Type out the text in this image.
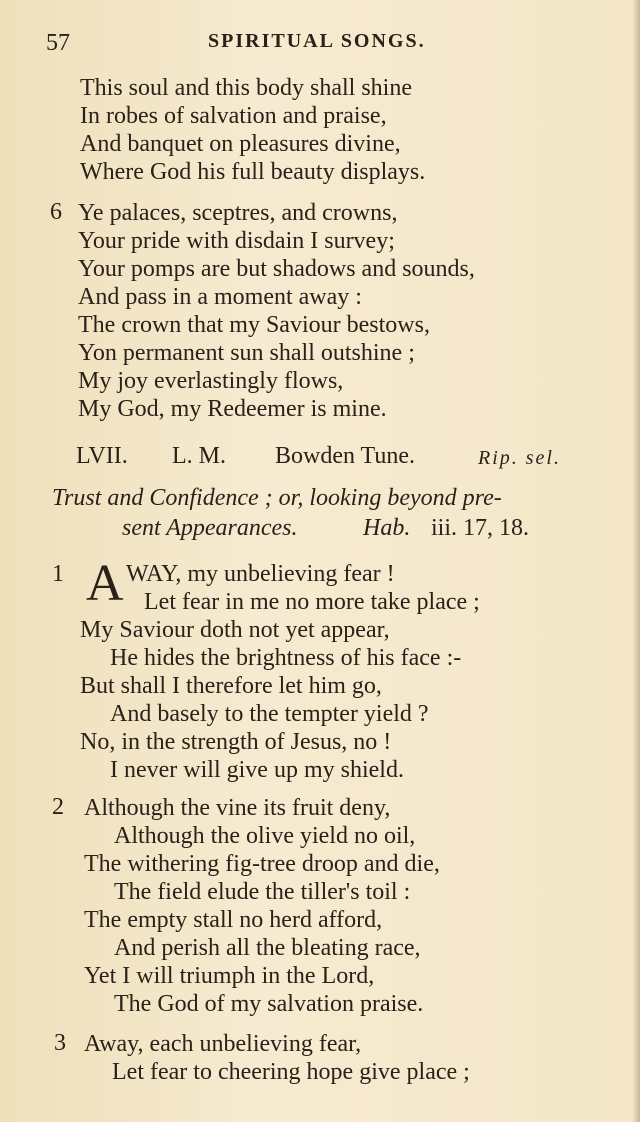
57	SPIRITUAL SONGS.
This soul and this body shall shine
In robes of salvation and praise,
And banquet on pleasures divine,
Where God his full beauty displays.
6 Ye palaces, sceptres, and crowns,
Your pride with disdain I survey;
Your pomps are but shadows and sounds,
And pass in a moment away :
The crown that my Saviour bestows,
Yon permanent sun shall outshine ;
My joy everlastingly flows,
My God, my Redeemer is mine.
LVII. L. M. Bowden Tune.	Rip. sel.
Trust and Confidence ; or, looking beyond pre-
sent Appearances.	Hab. iii. 17, 18.
1 A WAY, my unbelieving fear !
Let fear in me no more take place ;
My Saviour doth not yet appear,
He hides the brightness of his face :-
But shall I therefore let him go,
And basely to the tempter yield ?
No, in the strength of Jesus, no !
I never will give up my shield.
2 Although the vine its fruit deny,
Although the olive yield no oil,
The withering fig-tree droop and die,
The field elude the tiller's toil :
The empty stall no herd afford,
And perish all the bleating race,
Yet I will triumph in the Lord,
The God of my salvation praise.
3 Away, each unbelieving fear,
Let fear to cheering hope give place ;
